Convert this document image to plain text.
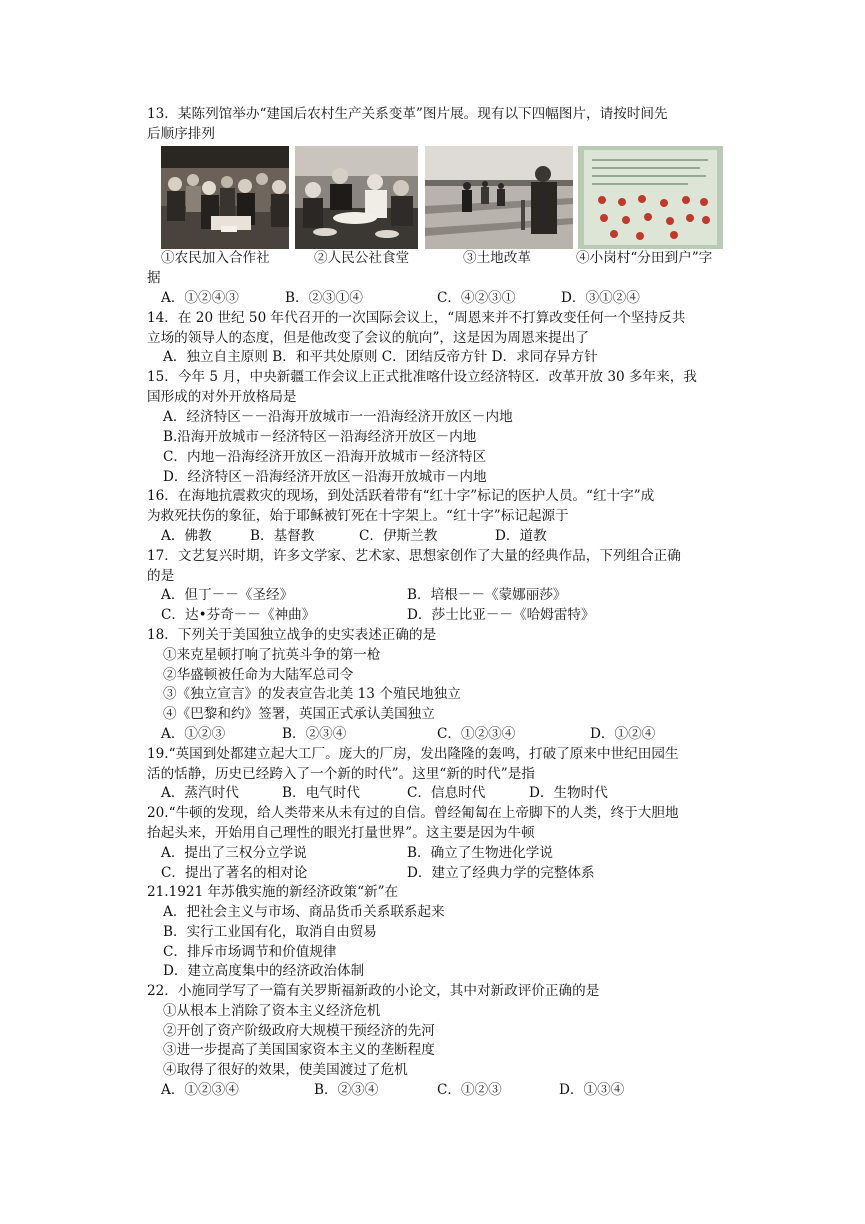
13．某陈列馆举办“建国后农村生产关系变革”图片展。现有以下四幅图片，请按时间先
后顺序排列
①农民加入合作社	②人民公社食堂	③土地改革	④小岗村“分田到户”字
据
A．①②④③	B．②③①④	C．④②③①	D．③①②④
14．在 20 世纪 50 年代召开的一次国际会议上，“周恩来并不打算改变任何一个坚持反共
立场的领导人的态度，但是他改变了会议的航向”，这是因为周恩来提出了
A．独立自主原则 B．和平共处原则 C．团结反帝方针 D．求同存异方针
15．今年 5 月，中央新疆工作会议上正式批准喀什设立经济特区．改革开放 30 多年来，我
国形成的对外开放格局是
A．经济特区－－沿海开放城市一一沿海经济开放区－内地
B.沿海开放城市－经济特区－沿海经济开放区－内地
C．内地－沿海经济开放区－沿海开放城市－经济特区
D．经济特区－沿海经济开放区－沿海开放城市－内地
16．在海地抗震救灾的现场，到处活跃着带有“红十字”标记的医护人员。“红十字”成
为救死扶伤的象征，始于耶稣被钉死在十字架上。“红十字”标记起源于
A．佛教	B．基督教	C．伊斯兰教	D．道教
17．文艺复兴时期，许多文学家、艺术家、思想家创作了大量的经典作品，下列组合正确
的是
A．但丁－－《圣经》	B．培根－－《蒙娜丽莎》
C．达•芬奇－－《神曲》	D．莎士比亚－－《哈姆雷特》
18．下列关于美国独立战争的史实表述正确的是
①来克星顿打响了抗英斗争的第一枪
②华盛顿被任命为大陆军总司令
③《独立宣言》的发表宣告北美 13 个殖民地独立
④《巴黎和约》签署，英国正式承认美国独立
A．①②③	B．②③④	C．①②③④	D．①②④
19.“英国到处都建立起大工厂。庞大的厂房，发出隆隆的轰鸣，打破了原来中世纪田园生
活的恬静，历史已经跨入了一个新的时代”。这里“新的时代”是指
A．蒸汽时代	B．电气时代	C．信息时代	D．生物时代
20.“牛顿的发现，给人类带来从未有过的自信。曾经匍匐在上帝脚下的人类，终于大胆地
抬起头来，开始用自己理性的眼光打量世界”。这主要是因为牛顿
A．提出了三权分立学说	B．确立了生物进化学说
C．提出了著名的相对论	D．建立了经典力学的完整体系
21.1921 年苏俄实施的新经济政策“新”在
A．把社会主义与市场、商品货币关系联系起来
B．实行工业国有化，取消自由贸易
C．排斥市场调节和价值规律
D．建立高度集中的经济政治体制
22．小施同学写了一篇有关罗斯福新政的小论文，其中对新政评价正确的是
①从根本上消除了资本主义经济危机
②开创了资产阶级政府大规模干预经济的先河
③进一步提高了美国国家资本主义的垄断程度
④取得了很好的效果，使美国渡过了危机
A．①②③④	B．②③④	C．①②③	D．①③④
